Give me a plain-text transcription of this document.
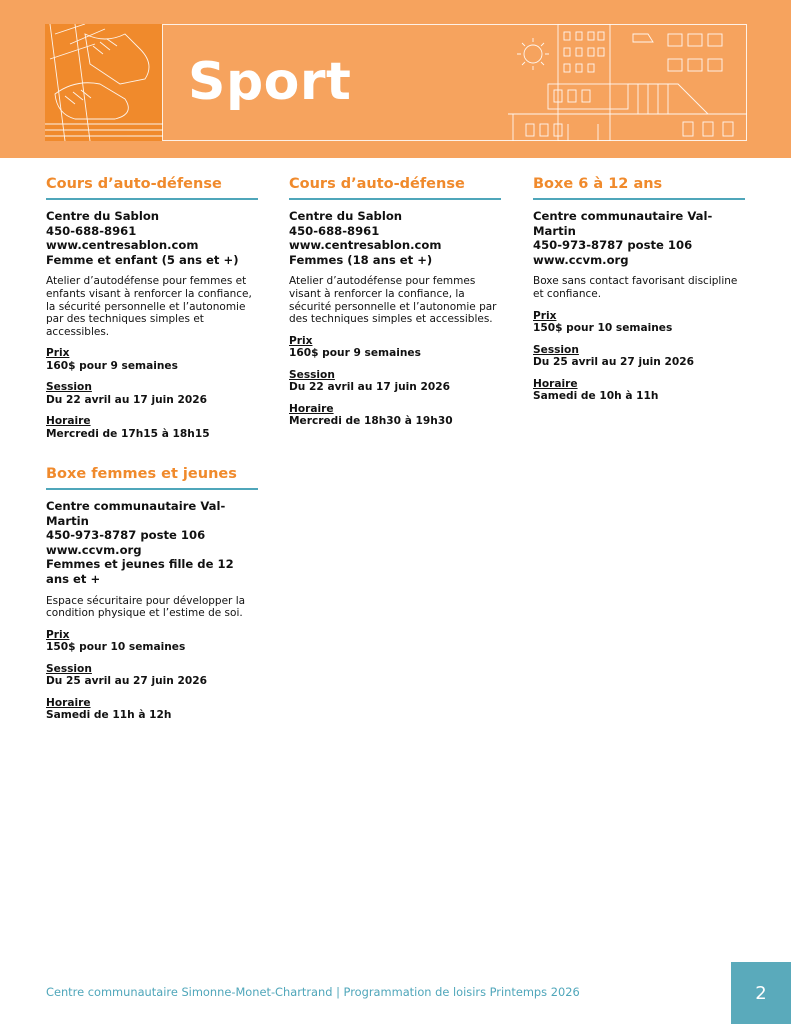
Sport
Cours d’auto-défense
Centre du Sablon
450-688-8961
www.centresablon.com
Femme et enfant (5 ans et +)
Atelier d’autodéfense pour femmes et enfants visant à renforcer la confiance, la sécurité personnelle et l’autonomie par des techniques simples et accessibles.
Prix
160$ pour 9 semaines
Session
Du 22 avril au 17 juin 2026
Horaire
Mercredi de 17h15 à 18h15
Boxe femmes et jeunes
Centre communautaire Val-Martin
450-973-8787 poste 106
www.ccvm.org
Femmes et jeunes fille de 12 ans et +
Espace sécuritaire pour développer la condition physique et l’estime de soi.
Prix
150$ pour 10 semaines
Session
Du 25 avril au 27 juin 2026
Horaire
Samedi de 11h à 12h
Cours d’auto-défense
Centre du Sablon
450-688-8961
www.centresablon.com
Femmes (18 ans et +)
Atelier d’autodéfense pour femmes visant à renforcer la confiance, la sécurité personnelle et l’autonomie par des techniques simples et accessibles.
Prix
160$ pour 9 semaines
Session
Du 22 avril au 17 juin 2026
Horaire
Mercredi de 18h30 à 19h30
Boxe 6 à 12 ans
Centre communautaire Val-Martin
450-973-8787 poste 106
www.ccvm.org
Boxe sans contact favorisant discipline et confiance.
Prix
150$ pour 10 semaines
Session
Du 25 avril au 27 juin 2026
Horaire
Samedi de 10h à 11h
Centre communautaire Simonne-Monet-Chartrand | Programmation de loisirs Printemps 2026	2
